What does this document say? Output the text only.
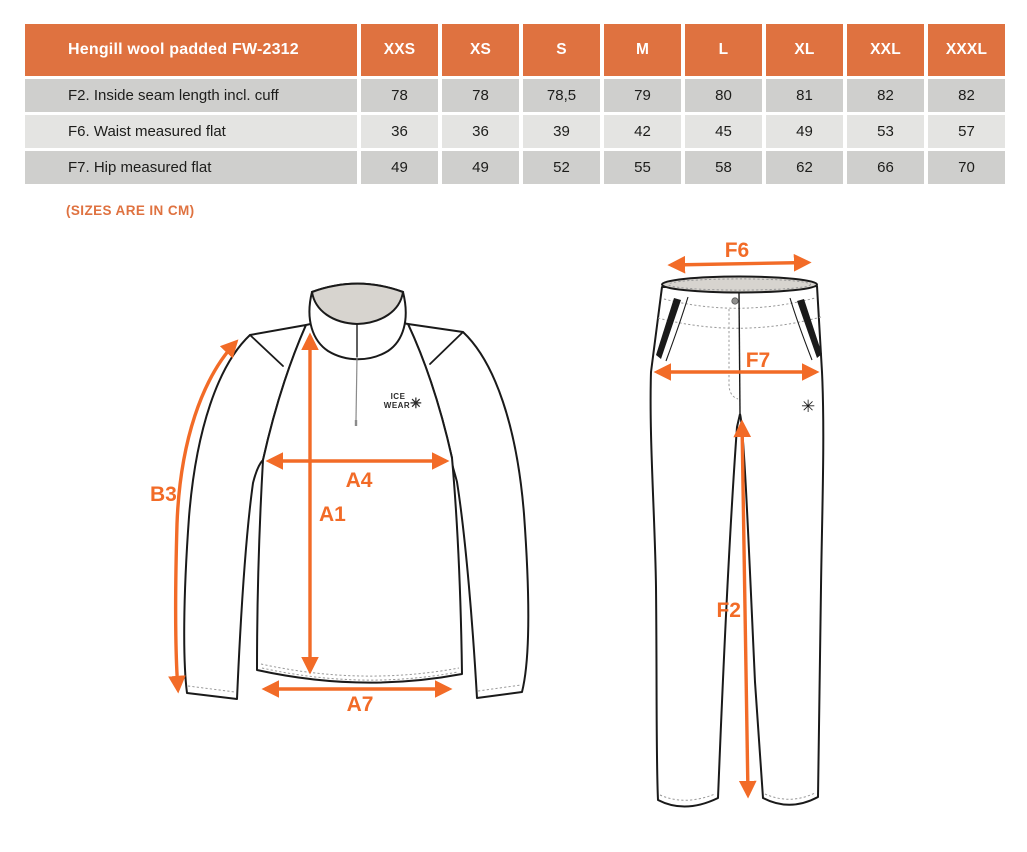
Hengill wool padded FW-2312	XXS	XS	S	M	L	XL	XXL	XXXL
F2. Inside seam length incl. cuff	78	78	78,5	79	80	81	82	82
F6. Waist measured flat	36	36	39	42	45	49	53	57
F7. Hip measured flat	49	49	52	55	58	62	66	70
(SIZES ARE IN CM)
ICE
WEAR ✳
B3
A4
A1
A7
✳
F6
F7
F2
